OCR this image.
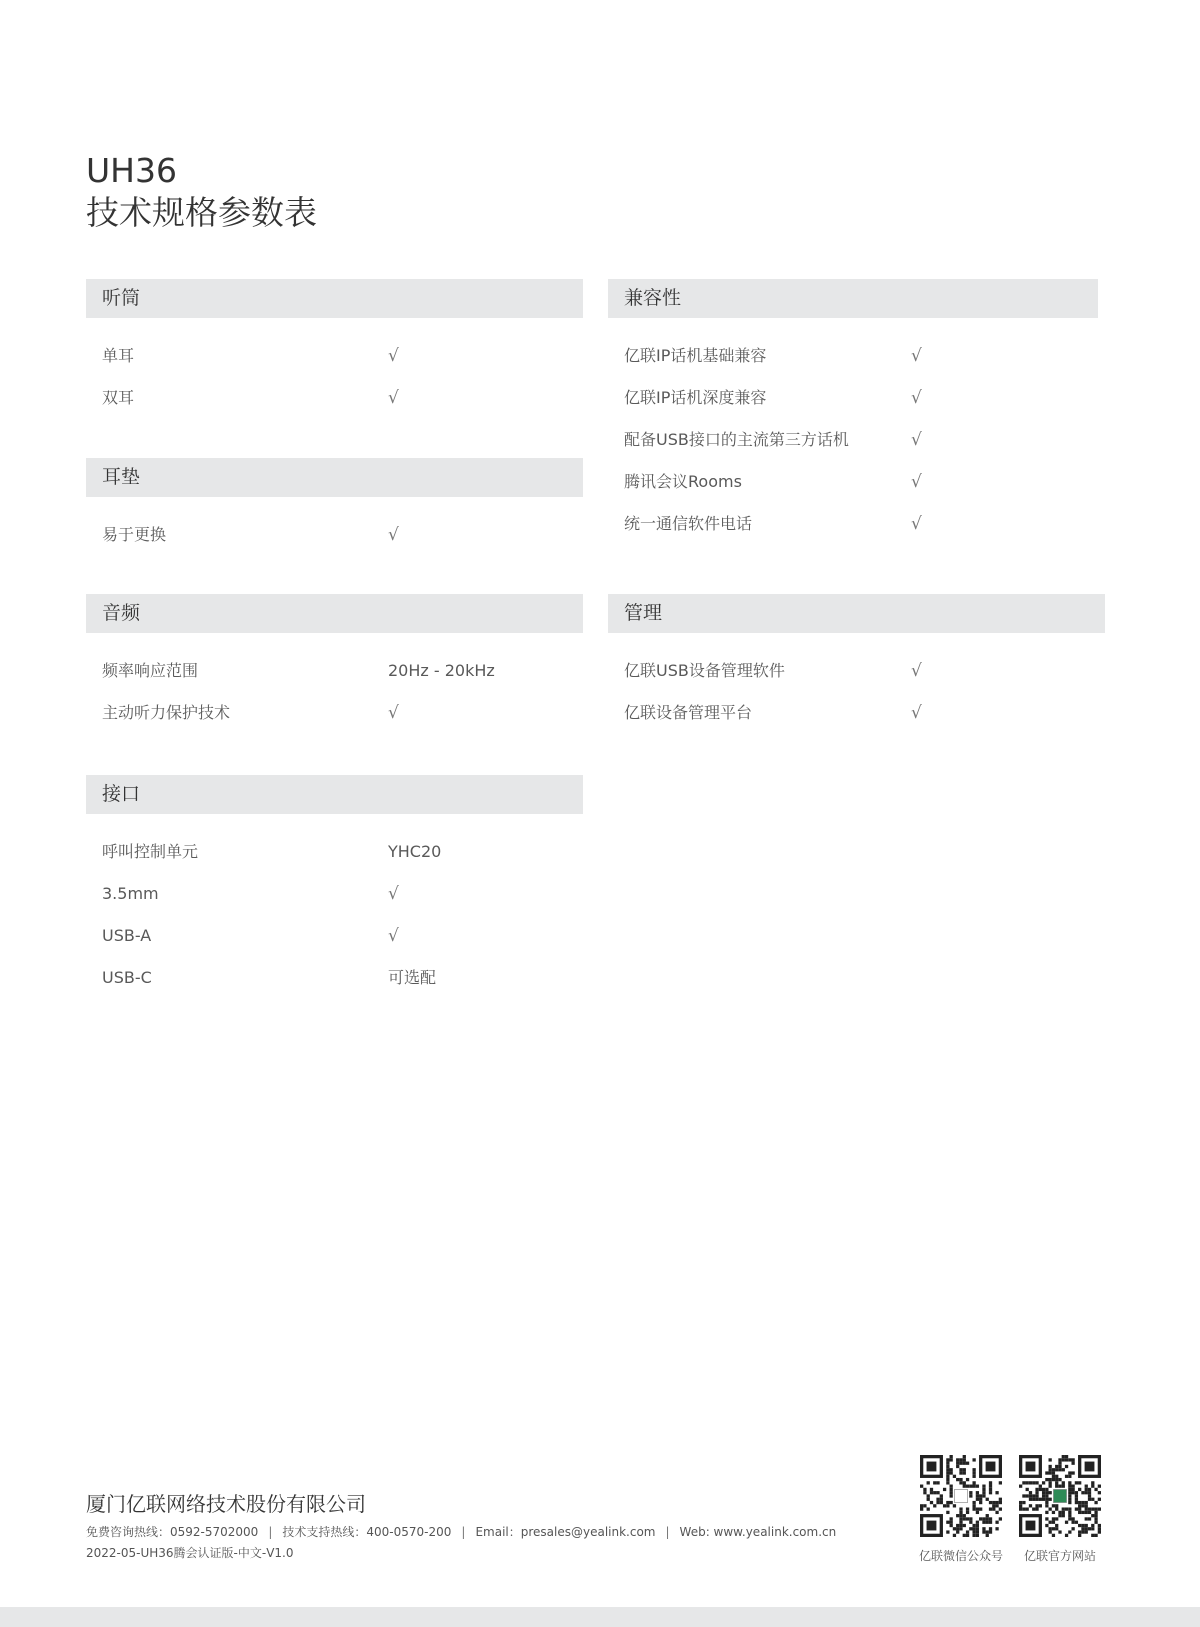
UH36
技术规格参数表
听筒
单耳	√
双耳	√
耳垫
易于更换	√
音频
频率响应范围	20Hz - 20kHz
主动听力保护技术	√
接口
呼叫控制单元	YHC20
3.5mm	√
USB-A	√
USB-C	可选配
兼容性
亿联IP话机基础兼容	√
亿联IP话机深度兼容	√
配备USB接口的主流第三方话机	√
腾讯会议Rooms	√
统一通信软件电话	√
管理
亿联USB设备管理软件	√
亿联设备管理平台	√
厦门亿联网络技术股份有限公司
免费咨询热线：0592-5702000 | 技术支持热线：400-0570-200 | Email：presales@yealink.com | Web: www.yealink.com.cn
2022-05-UH36腾会认证版-中文-V1.0	亿联微信公众号	亿联官方网站
